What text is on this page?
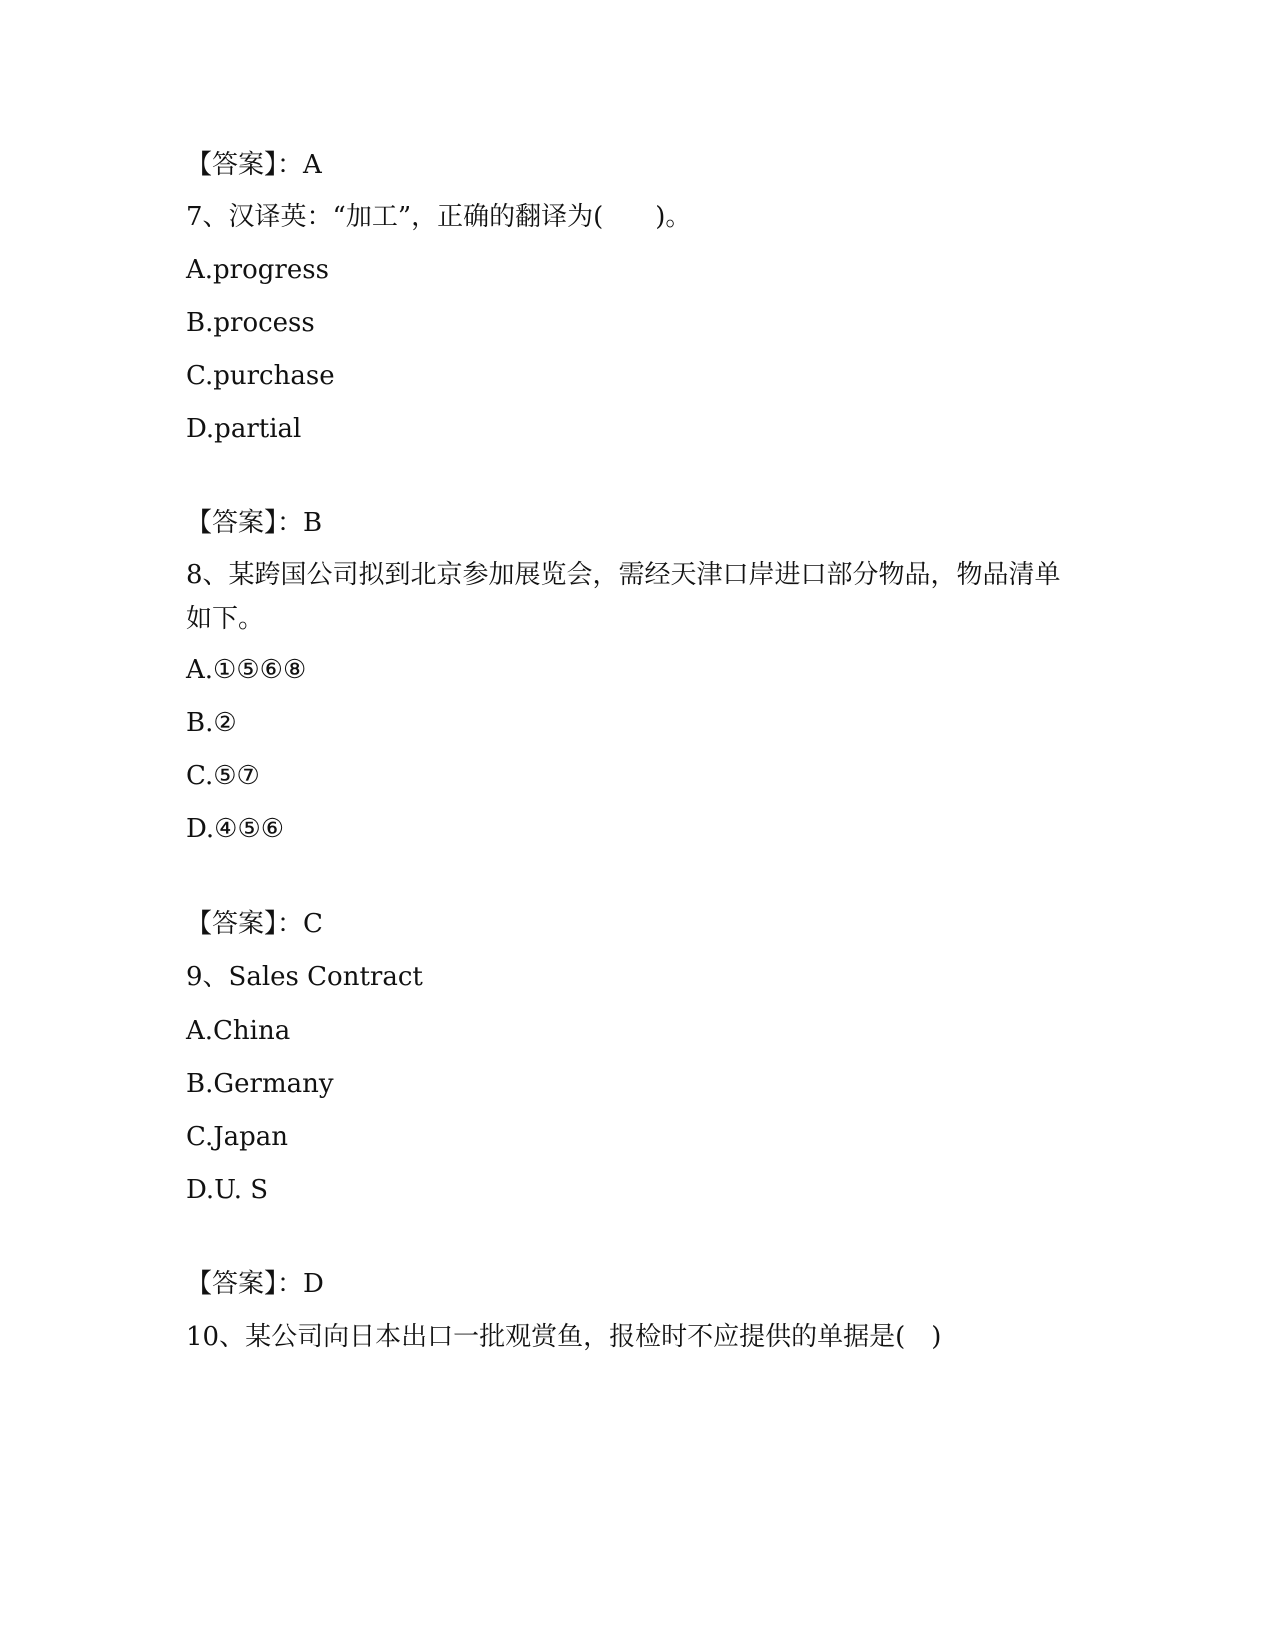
【答案】：A
7、汉译英：“加工”，正确的翻译为(　　)。
A.progress
B.process
C.purchase
D.partial
【答案】：B
8、某跨国公司拟到北京参加展览会，需经天津口岸进口部分物品，物品清单如下。
A.①⑤⑥⑧
B.②
C.⑤⑦
D.④⑤⑥
【答案】：C
9、Sales Contract
A.China
B.Germany
C.Japan
D.U. S
【答案】：D
10、某公司向日本出口一批观赏鱼，报检时不应提供的单据是(　)
